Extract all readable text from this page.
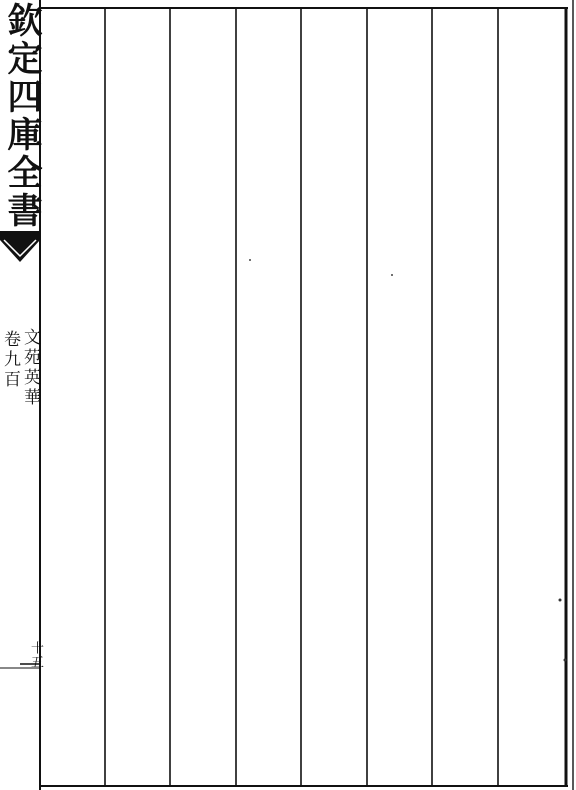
欽定四庫全書
文苑英華
卷九百
十五
